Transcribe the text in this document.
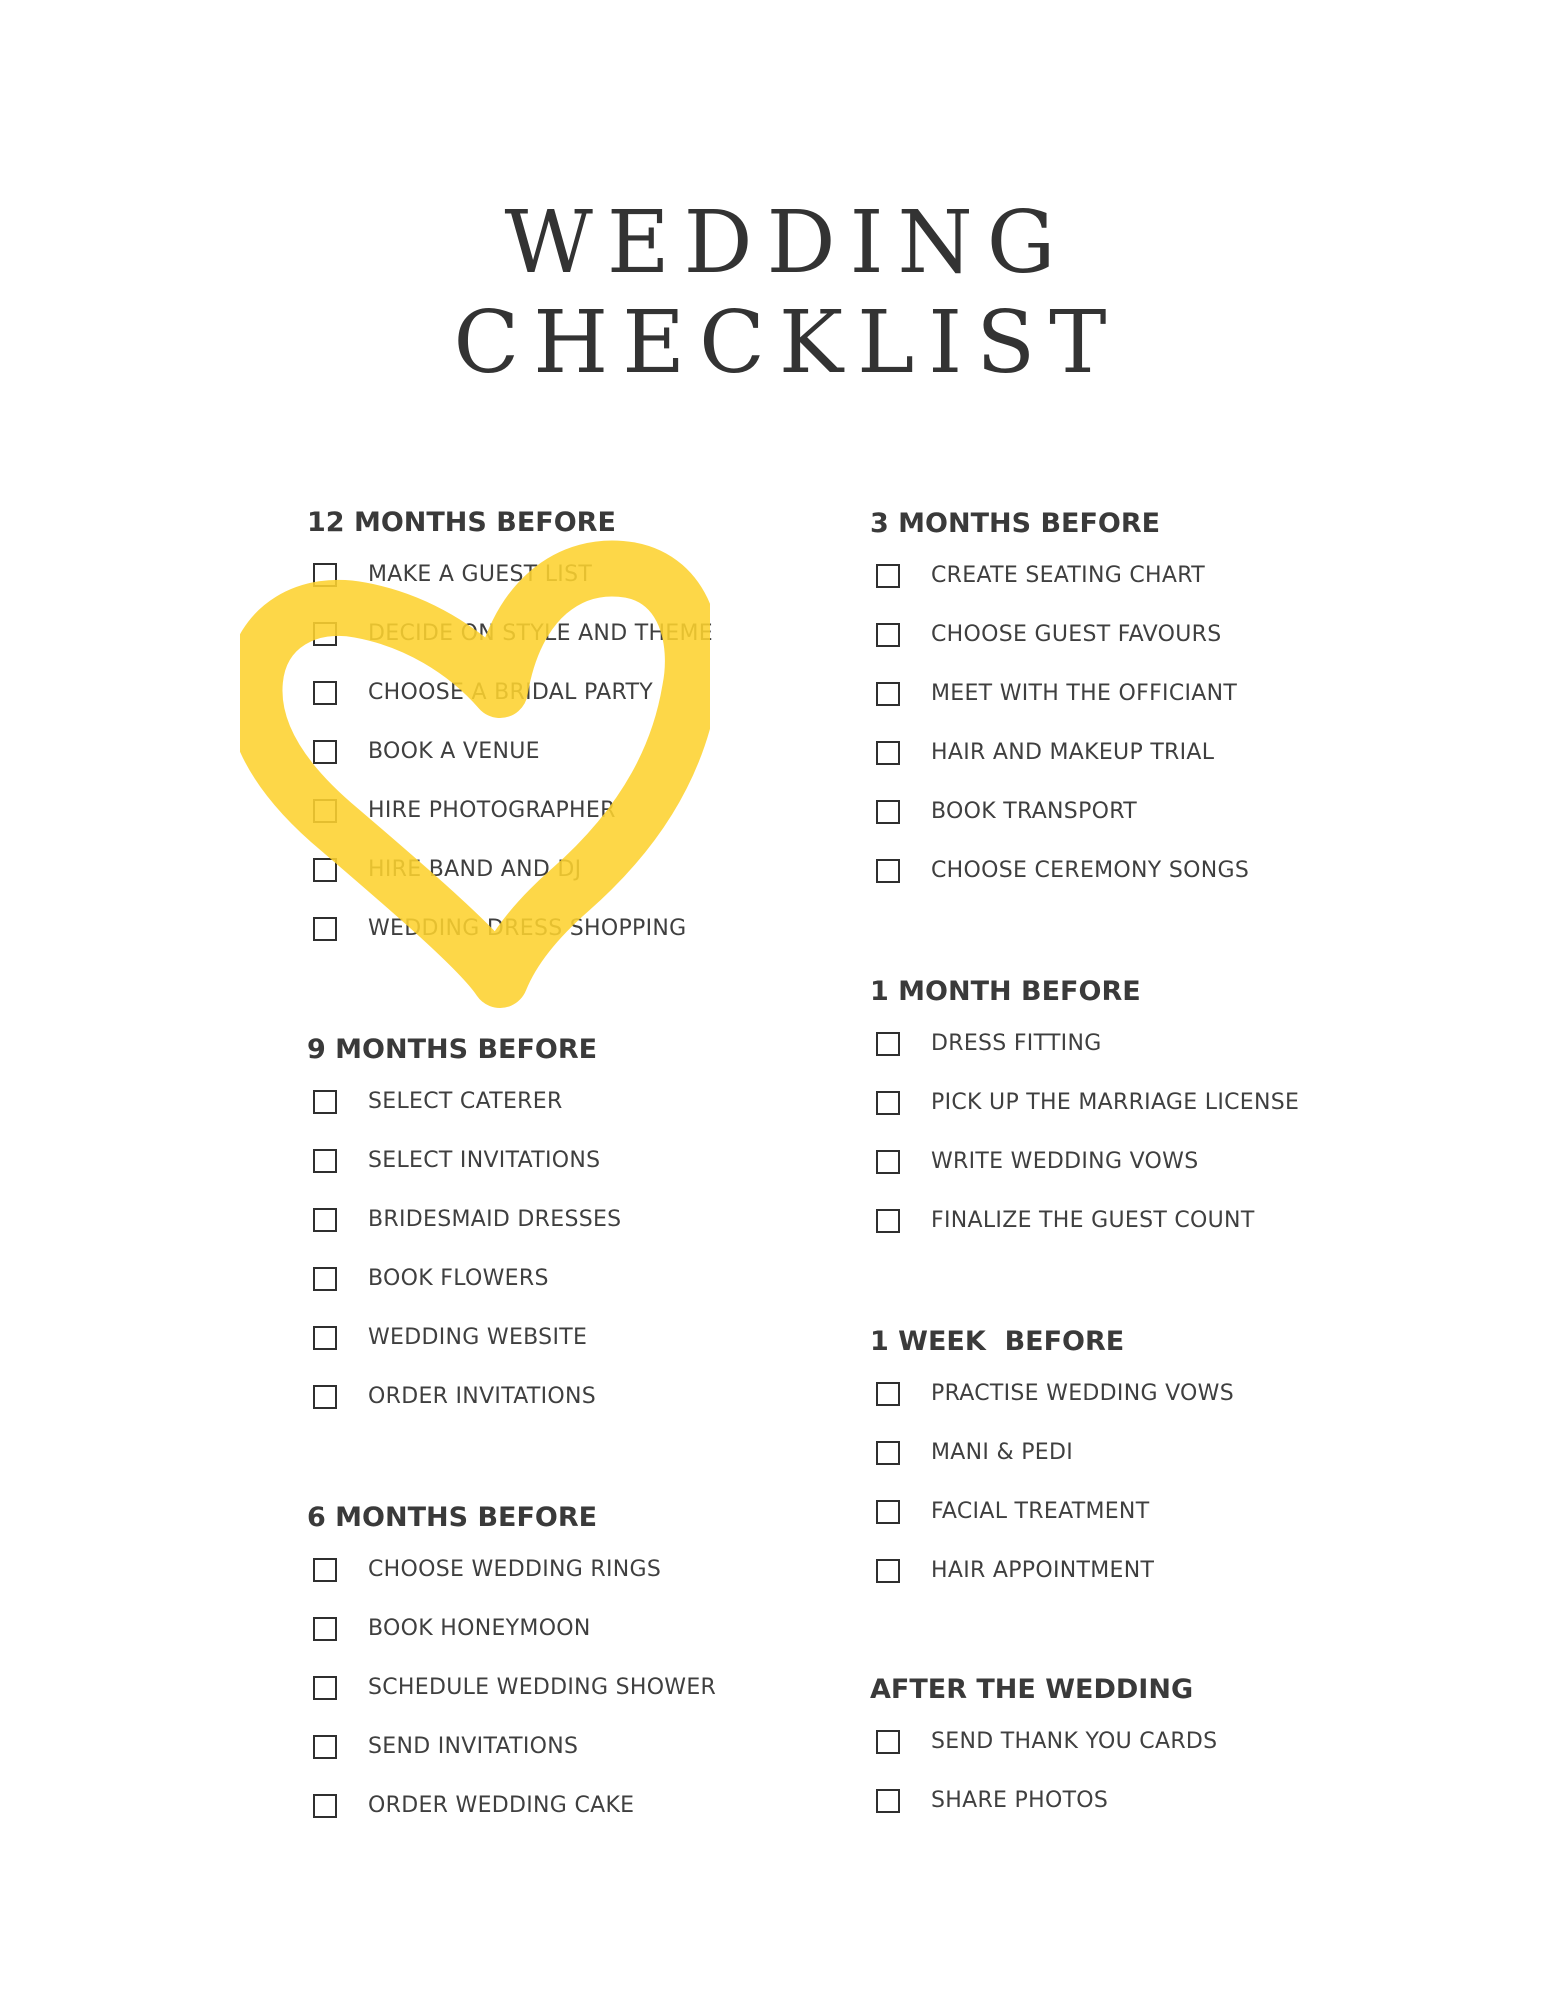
WEDDING
CHECKLIST
12 MONTHS BEFORE
MAKE A GUEST LIST
DECIDE ON STYLE AND THEME
CHOOSE A BRIDAL PARTY
BOOK A VENUE
HIRE PHOTOGRAPHER
HIRE BAND AND DJ
WEDDING DRESS SHOPPING
9 MONTHS BEFORE
SELECT CATERER
SELECT INVITATIONS
BRIDESMAID DRESSES
BOOK FLOWERS
WEDDING WEBSITE
ORDER INVITATIONS
6 MONTHS BEFORE
CHOOSE WEDDING RINGS
BOOK HONEYMOON
SCHEDULE WEDDING SHOWER
SEND INVITATIONS
ORDER WEDDING CAKE
3 MONTHS BEFORE
CREATE SEATING CHART
CHOOSE GUEST FAVOURS
MEET WITH THE OFFICIANT
HAIR AND MAKEUP TRIAL
BOOK TRANSPORT
CHOOSE CEREMONY SONGS
1 MONTH BEFORE
DRESS FITTING
PICK UP THE MARRIAGE LICENSE
WRITE WEDDING VOWS
FINALIZE THE GUEST COUNT
1 WEEK  BEFORE
PRACTISE WEDDING VOWS
MANI & PEDI
FACIAL TREATMENT
HAIR APPOINTMENT
AFTER THE WEDDING
SEND THANK YOU CARDS
SHARE PHOTOS
